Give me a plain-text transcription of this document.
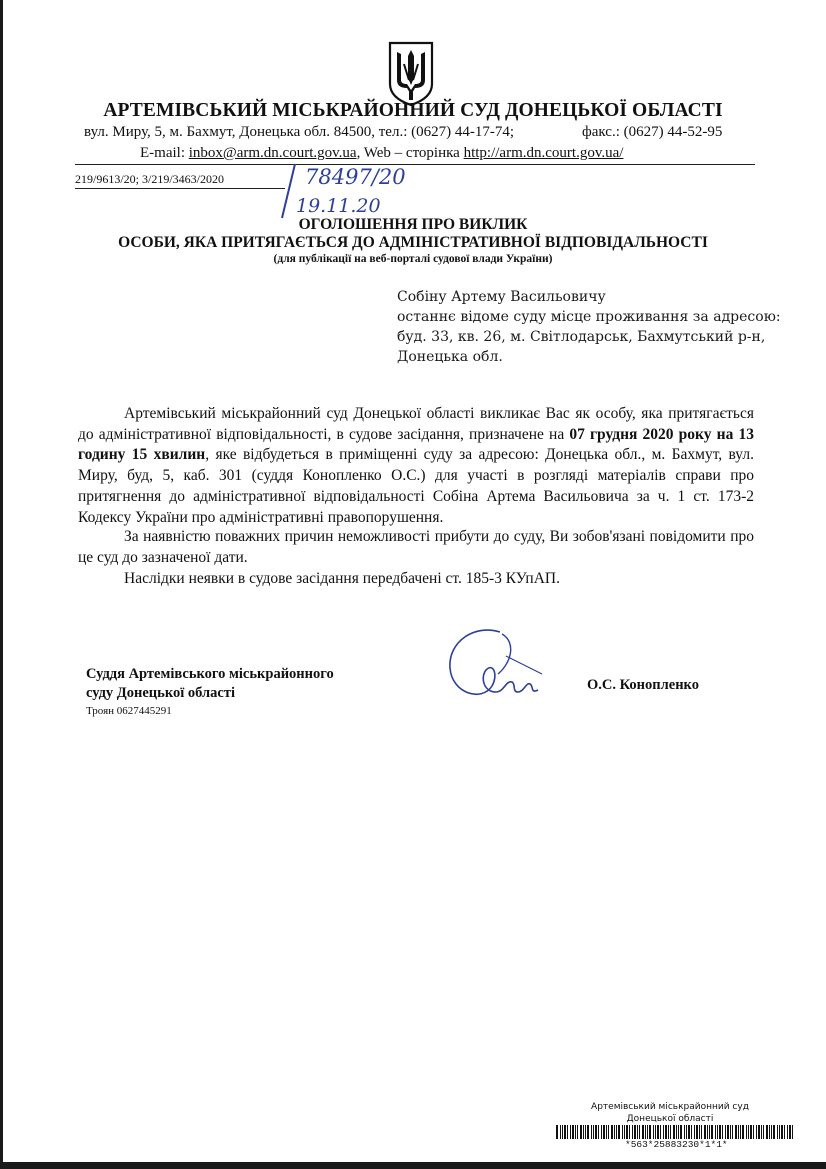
АРТЕМІВСЬКИЙ МІСЬКРАЙОННИЙ СУД ДОНЕЦЬКОЇ ОБЛАСТІ
вул. Миру, 5, м. Бахмут, Донецька обл. 84500, тел.: (0627) 44-17-74;	факс.: (0627) 44-52-95
E-mail: inbox@arm.dn.court.gov.ua, Web – сторінка http://arm.dn.court.gov.ua/
219/9613/20; 3/219/3463/2020	78497/20
19.11.20
ОГОЛОШЕННЯ ПРО ВИКЛИК
ОСОБИ, ЯКА ПРИТЯГАЄТЬСЯ ДО АДМІНІСТРАТИВНОЇ ВІДПОВІДАЛЬНОСТІ
(для публікації на веб-порталі судової влади України)
Собіну Артему Васильовичу
останнє відоме суду місце проживання за адресою:
буд. 33, кв. 26, м. Світлодарськ, Бахмутський р-н,
Донецька обл.

Артемівський міськрайонний суд Донецької області викликає Вас як особу, яка притягається до адміністративної відповідальності, в судове засідання, призначене на 07 грудня 2020 року на 13 годину 15 хвилин, яке відбудеться в приміщенні суду за адресою: Донецька обл., м. Бахмут, вул. Миру, буд, 5, каб. 301 (суддя Конопленко О.С.) для участі в розгляді матеріалів справи про притягнення до адміністративної відповідальності Собіна Артема Васильовича за ч. 1 ст. 173-2 Кодексу України про адміністративні правопорушення.

За наявністю поважних причин неможливості прибути до суду, Ви зобов'язані повідомити про це суд до зазначеної дати.

Наслідки неявки в судове засідання передбачені ст. 185-3 КУпАП.

Суддя Артемівського міськрайонного
суду Донецької області
Троян 0627445291
О.С. Конопленко
Артемівський міськрайонний суд
Донецької області
*563*25883230*1*1*
